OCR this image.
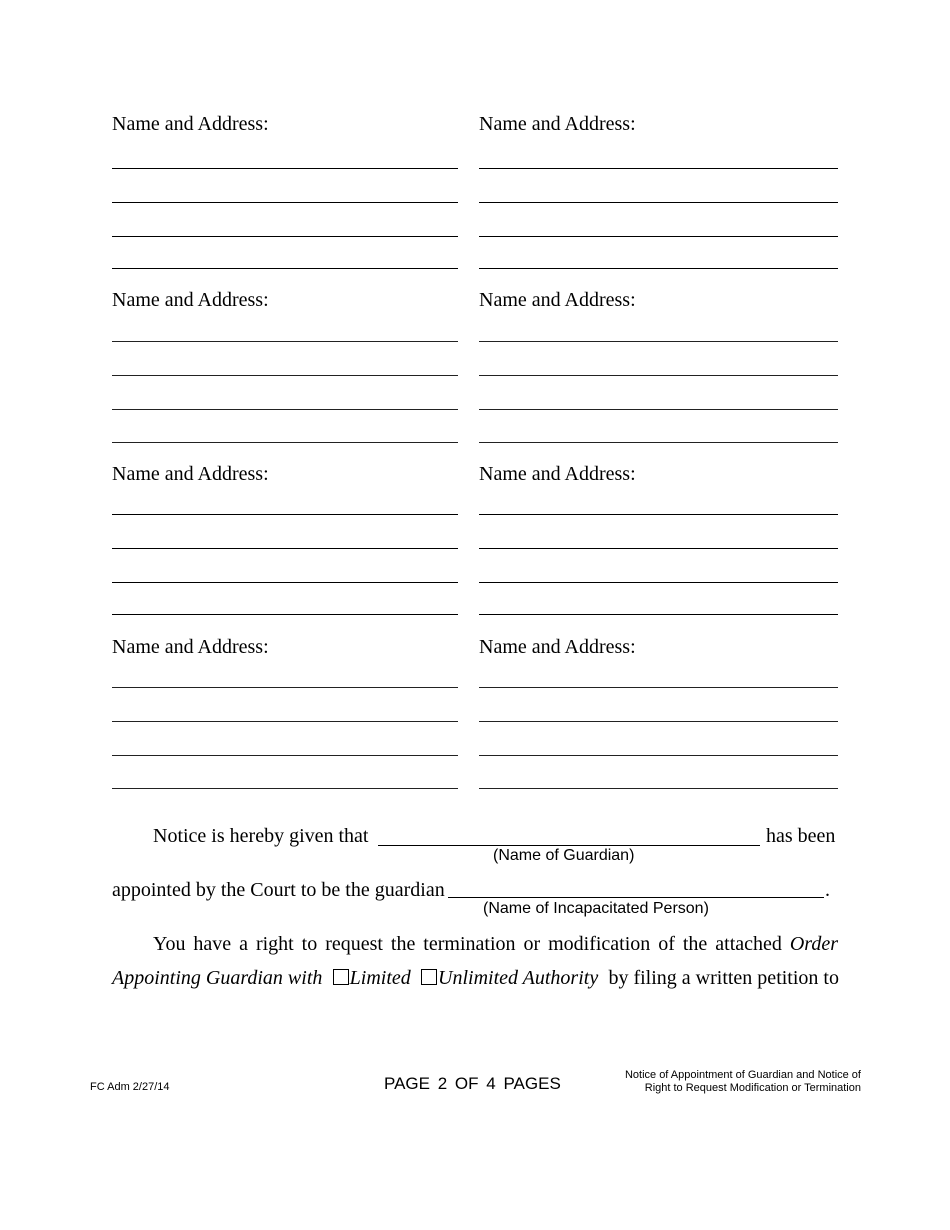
Name and Address:	Name and Address:
Name and Address:	Name and Address:
Name and Address:	Name and Address:
Name and Address:	Name and Address:
Notice is hereby given that	has been
(Name of Guardian)
appointed by the Court to be the guardian	.
(Name of Incapacitated Person)
You have a right to request the termination or modification of the attached Order
Appointing Guardian with	Limited	Unlimited Authority by filing a written petition to
FC Adm 2/27/14	PAGE 2 OF 4 PAGES	Notice of Appointment of Guardian and Notice of
Right to Request Modification or Termination
